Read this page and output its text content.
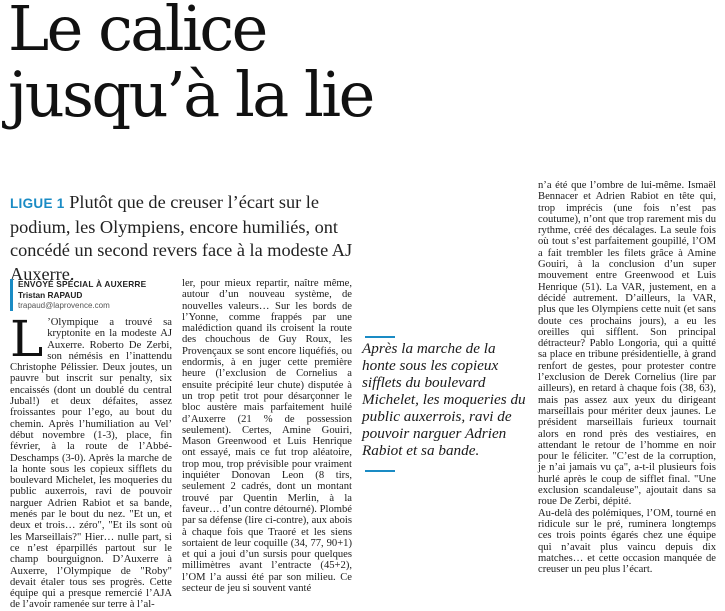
Le calice
jusqu’à la lie

LIGUE 1 Plutôt que de creuser l’écart sur le podium, les Olympiens, encore humiliés, ont concédé un second revers face à la modeste AJ Auxerre.

ENVOYÉ SPÉCIAL À AUXERRE
Tristan RAPAUD
trapaud@laprovence.com
L ’Olympique a trouvé sa kryptonite en la modeste AJ Auxerre. Roberto De Zerbi, son némésis en l’inattendu Christophe Pélissier. Deux joutes, un pauvre but inscrit sur penalty, six encaissés (dont un doublé du central Jubal!) et deux défaites, assez froissantes pour l’ego, au bout du chemin. Après l’humiliation au Vel’ début novembre (1-3), place, fin février, à la route de l’Abbé-Deschamps (3-0). Après la marche de la honte sous les copieux sifflets du boulevard Michelet, les moqueries du public auxerrois, ravi de pouvoir narguer Adrien Rabiot et sa bande, menés par le bout du nez. "Et un, et deux et trois… zéro", "Et ils sont où les Marseillais?" Hier… nulle part, si ce n’est éparpillés partout sur le champ bourguignon. D’Auxerre à Auxerre, l’Olympique de "Roby" devait étaler tous ses progrès. Cette équipe qui a presque remercié l’AJA de l’avoir ramenée sur terre à l’al-

ler, pour mieux repartir, naître même, autour d’un nouveau système, de nouvelles valeurs… Sur les bords de l’Yonne, comme frappés par une malédiction quand ils croisent la route des chouchous de Guy Roux, les Provençaux se sont encore liquéfiés, ou endormis, à en juger cette première heure (l’exclusion de Cornelius a ensuite précipité leur chute) disputée à un trop petit trot pour désarçonner le bloc austère mais parfaitement huilé d’Auxerre (21 % de possession seulement). Certes, Amine Gouiri, Mason Greenwood et Luis Henrique ont essayé, mais ce fut trop aléatoire, trop mou, trop prévisible pour vraiment inquiéter Donovan Leon (8 tirs, seulement 2 cadrés, dont un montant trouvé par Quentin Merlin, à la faveur… d’un contre détourné). Plombé par sa défense (lire ci-contre), aux abois à chaque fois que Traoré et les siens sortaient de leur coquille (34, 77, 90+1) et qui a joui d’un sursis pour quelques millimètres avant l’entracte (45+2), l’OM l’a aussi été par son milieu. Ce secteur de jeu si souvent vanté

Après la marche de la honte sous les copieux sifflets du boulevard Michelet, les moqueries du public auxerrois, ravi de pouvoir narguer Adrien Rabiot et sa bande.

n’a été que l’ombre de lui-même. Ismaël Bennacer et Adrien Rabiot en tête qui, trop imprécis (une fois n’est pas coutume), n’ont que trop rarement mis du rythme, créé des décalages. La seule fois où tout s’est parfaitement goupillé, l’OM a fait trembler les filets grâce à Amine Gouiri, à la conclusion d’un super mouvement entre Greenwood et Luis Henrique (51). La VAR, justement, en a décidé autrement. D’ailleurs, la VAR, plus que les Olympiens cette nuit (et sans doute ces prochains jours), a eu les oreilles qui sifflent. Son principal détracteur? Pablo Longoria, qui a quitté sa place en tribune présidentielle, à grand renfort de gestes, pour protester contre l’exclusion de Derek Cornelius (lire par ailleurs), en retard à chaque fois (38, 63), mais pas assez aux yeux du dirigeant marseillais pour mériter deux jaunes. Le président marseillais furieux tournait alors en rond près des vestiaires, en attendant le retour de l’homme en noir pour le féliciter. "C’est de la corruption, je n’ai jamais vu ça", a-t-il plusieurs fois hurlé après le coup de sifflet final. "Une exclusion scandaleuse", ajoutait dans sa roue De Zerbi, dépité.

Au-delà des polémiques, l’OM, tourné en ridicule sur le pré, ruminera longtemps ces trois points égarés chez une équipe qui n’avait plus vaincu depuis dix matches… et cette occasion manquée de creuser un peu plus l’écart.
